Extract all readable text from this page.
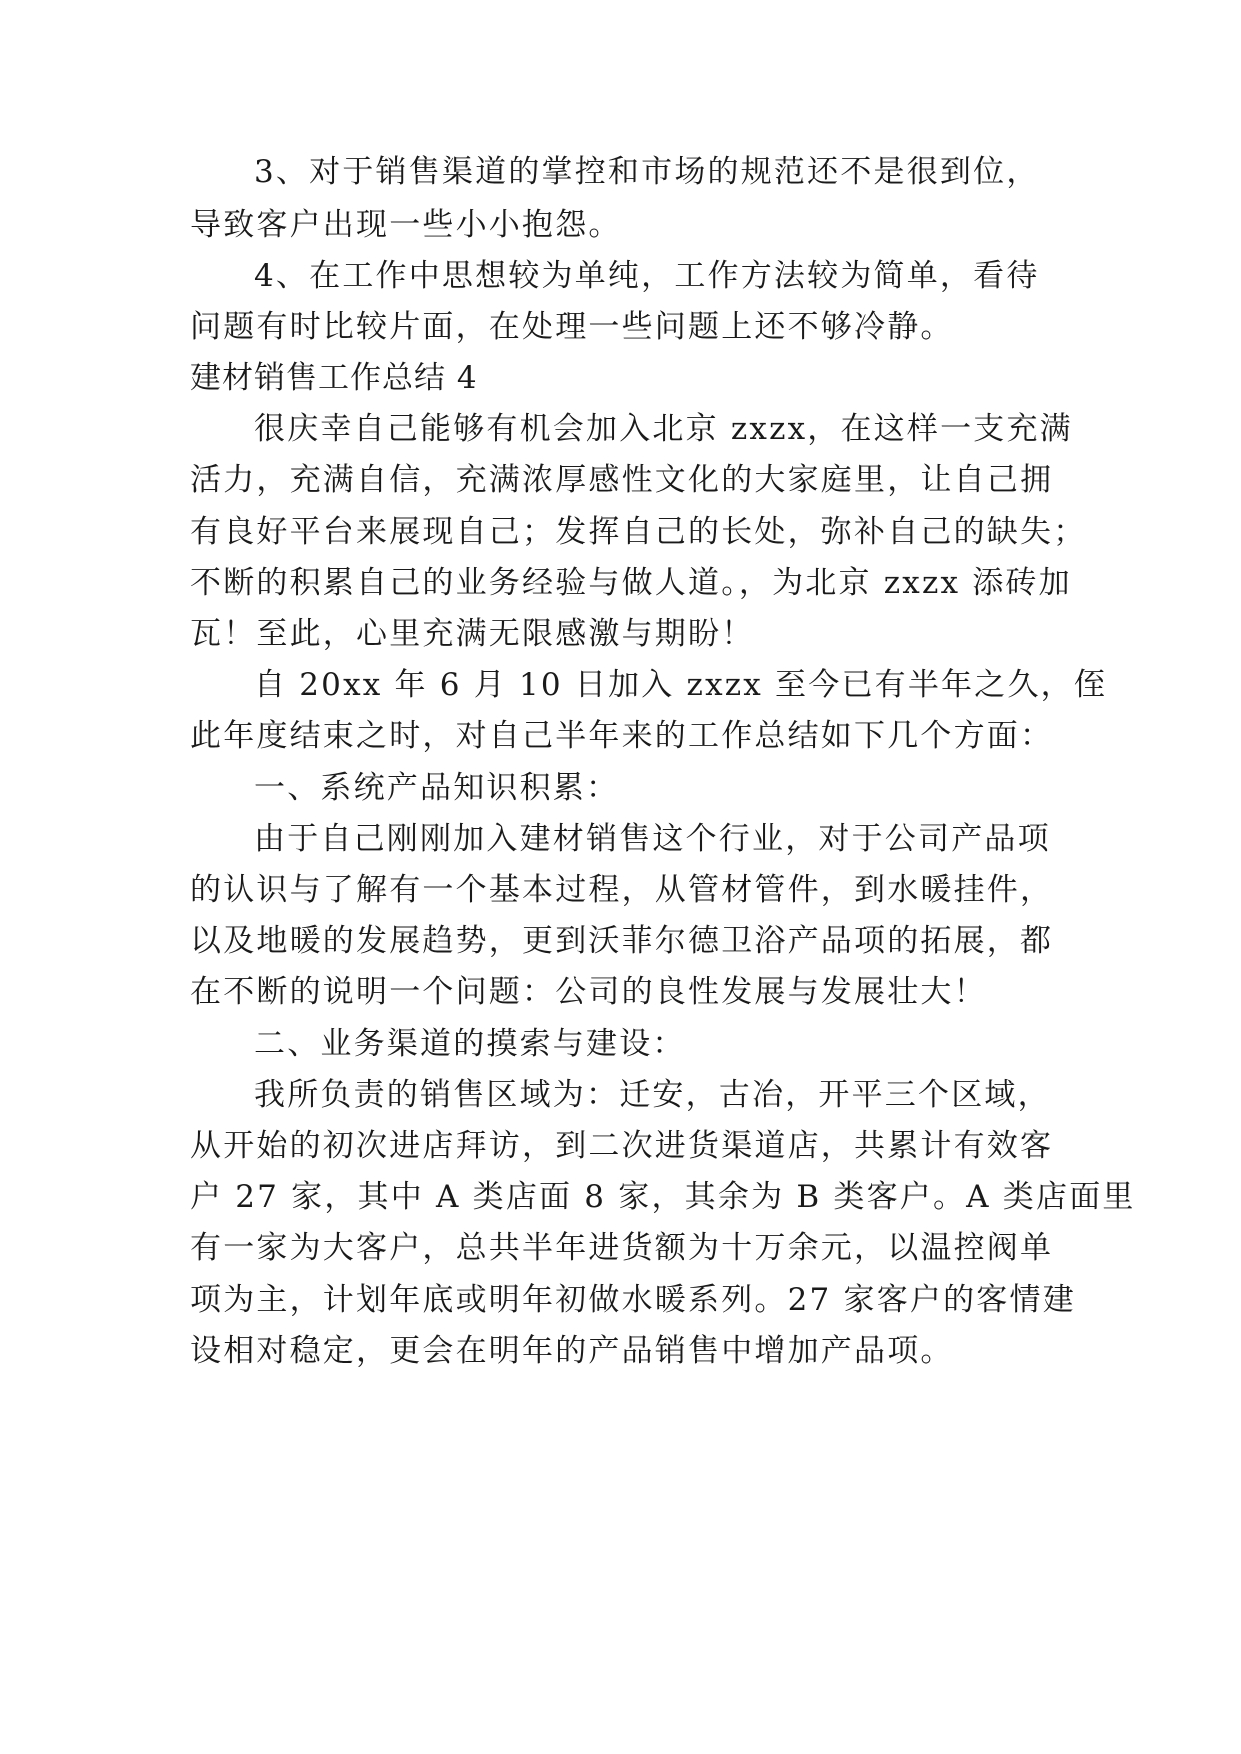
3、对于销售渠道的掌控和市场的规范还不是很到位，
导致客户出现一些小小抱怨。
4、在工作中思想较为单纯，工作方法较为简单，看待
问题有时比较片面，在处理一些问题上还不够冷静。
建材销售工作总结 4
很庆幸自己能够有机会加入北京 zxzx，在这样一支充满
活力，充满自信，充满浓厚感性文化的大家庭里，让自己拥
有良好平台来展现自己；发挥自己的长处，弥补自己的缺失；
不断的积累自己的业务经验与做人道。，为北京 zxzx 添砖加
瓦！至此，心里充满无限感激与期盼！
自 20xx 年 6 月 10 日加入 zxzx 至今已有半年之久，侄
此年度结束之时，对自己半年来的工作总结如下几个方面：
一、系统产品知识积累：
由于自己刚刚加入建材销售这个行业，对于公司产品项
的认识与了解有一个基本过程，从管材管件，到水暖挂件，
以及地暖的发展趋势，更到沃菲尔德卫浴产品项的拓展，都
在不断的说明一个问题：公司的良性发展与发展壮大！
二、业务渠道的摸索与建设：
我所负责的销售区域为：迁安，古冶，开平三个区域，
从开始的初次进店拜访，到二次进货渠道店，共累计有效客
户 27 家，其中 A 类店面 8 家，其余为 B 类客户。A 类店面里
有一家为大客户，总共半年进货额为十万余元，以温控阀单
项为主，计划年底或明年初做水暖系列。27 家客户的客情建
设相对稳定，更会在明年的产品销售中增加产品项。
